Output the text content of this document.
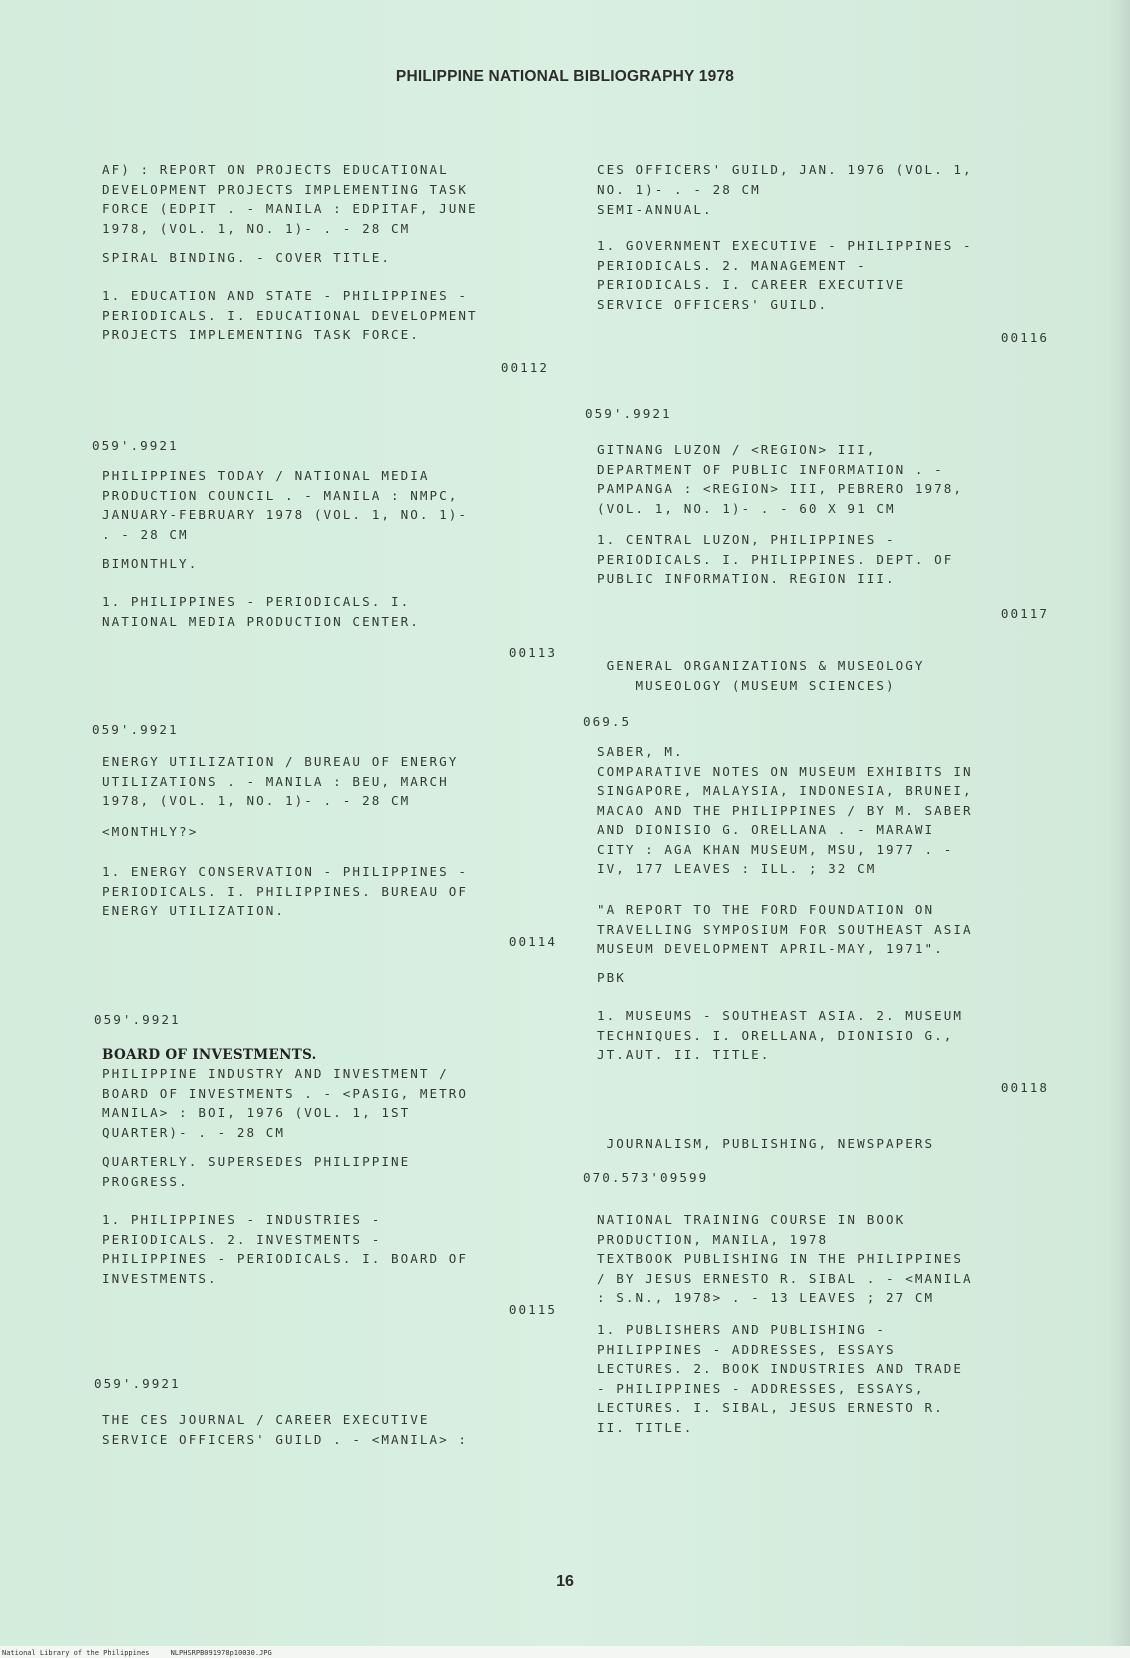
PHILIPPINE NATIONAL BIBLIOGRAPHY 1978
AF) : REPORT ON PROJECTS EDUCATIONAL
DEVELOPMENT PROJECTS IMPLEMENTING TASK
FORCE (EDPIT . - MANILA : EDPITAF, JUNE
1978, (VOL. 1, NO. 1)- . - 28 CM
SPIRAL BINDING. - COVER TITLE.
1. EDUCATION AND STATE - PHILIPPINES -
PERIODICALS. I. EDUCATIONAL DEVELOPMENT
PROJECTS IMPLEMENTING TASK FORCE.
00112
059'.9921
PHILIPPINES TODAY / NATIONAL MEDIA
PRODUCTION COUNCIL . - MANILA : NMPC,
JANUARY-FEBRUARY 1978 (VOL. 1, NO. 1)-
. - 28 CM
BIMONTHLY.
1. PHILIPPINES - PERIODICALS. I.
NATIONAL MEDIA PRODUCTION CENTER.
00113
059'.9921
ENERGY UTILIZATION / BUREAU OF ENERGY
UTILIZATIONS . - MANILA : BEU, MARCH
1978, (VOL. 1, NO. 1)- . - 28 CM
<MONTHLY?>
1. ENERGY CONSERVATION - PHILIPPINES -
PERIODICALS. I. PHILIPPINES. BUREAU OF
ENERGY UTILIZATION.
00114
059'.9921
BOARD OF INVESTMENTS.
PHILIPPINE INDUSTRY AND INVESTMENT /
BOARD OF INVESTMENTS . - <PASIG, METRO
MANILA> : BOI, 1976 (VOL. 1, 1ST
QUARTER)- . - 28 CM
QUARTERLY. SUPERSEDES PHILIPPINE
PROGRESS.
1. PHILIPPINES - INDUSTRIES -
PERIODICALS. 2. INVESTMENTS -
PHILIPPINES - PERIODICALS. I. BOARD OF
INVESTMENTS.
00115
059'.9921
THE CES JOURNAL / CAREER EXECUTIVE
SERVICE OFFICERS' GUILD . - <MANILA> :
CES OFFICERS' GUILD, JAN. 1976 (VOL. 1,
NO. 1)- . - 28 CM
SEMI-ANNUAL.
1. GOVERNMENT EXECUTIVE - PHILIPPINES -
PERIODICALS. 2. MANAGEMENT -
PERIODICALS. I. CAREER EXECUTIVE
SERVICE OFFICERS' GUILD.
00116
059'.9921
GITNANG LUZON / <REGION> III,
DEPARTMENT OF PUBLIC INFORMATION . -
PAMPANGA : <REGION> III, PEBRERO 1978,
(VOL. 1, NO. 1)- . - 60 X 91 CM
1. CENTRAL LUZON, PHILIPPINES -
PERIODICALS. I. PHILIPPINES. DEPT. OF
PUBLIC INFORMATION. REGION III.
00117
GENERAL ORGANIZATIONS & MUSEOLOGY
MUSEOLOGY (MUSEUM SCIENCES)
069.5
SABER, M.
COMPARATIVE NOTES ON MUSEUM EXHIBITS IN
SINGAPORE, MALAYSIA, INDONESIA, BRUNEI,
MACAO AND THE PHILIPPINES / BY M. SABER
AND DIONISIO G. ORELLANA . - MARAWI
CITY : AGA KHAN MUSEUM, MSU, 1977 . -
IV, 177 LEAVES : ILL. ; 32 CM
"A REPORT TO THE FORD FOUNDATION ON
TRAVELLING SYMPOSIUM FOR SOUTHEAST ASIA
MUSEUM DEVELOPMENT APRIL-MAY, 1971".
PBK
1. MUSEUMS - SOUTHEAST ASIA. 2. MUSEUM
TECHNIQUES. I. ORELLANA, DIONISIO G.,
JT.AUT. II. TITLE.
00118
JOURNALISM, PUBLISHING, NEWSPAPERS
070.573'09599
NATIONAL TRAINING COURSE IN BOOK
PRODUCTION, MANILA, 1978
TEXTBOOK PUBLISHING IN THE PHILIPPINES
/ BY JESUS ERNESTO R. SIBAL . - <MANILA
: S.N., 1978> . - 13 LEAVES ; 27 CM
1. PUBLISHERS AND PUBLISHING -
PHILIPPINES - ADDRESSES, ESSAYS
LECTURES. 2. BOOK INDUSTRIES AND TRADE
- PHILIPPINES - ADDRESSES, ESSAYS,
LECTURES. I. SIBAL, JESUS ERNESTO R.
II. TITLE.
16
National Library of the Philippines     NLPHSRPB0919​78p10030.JPG
